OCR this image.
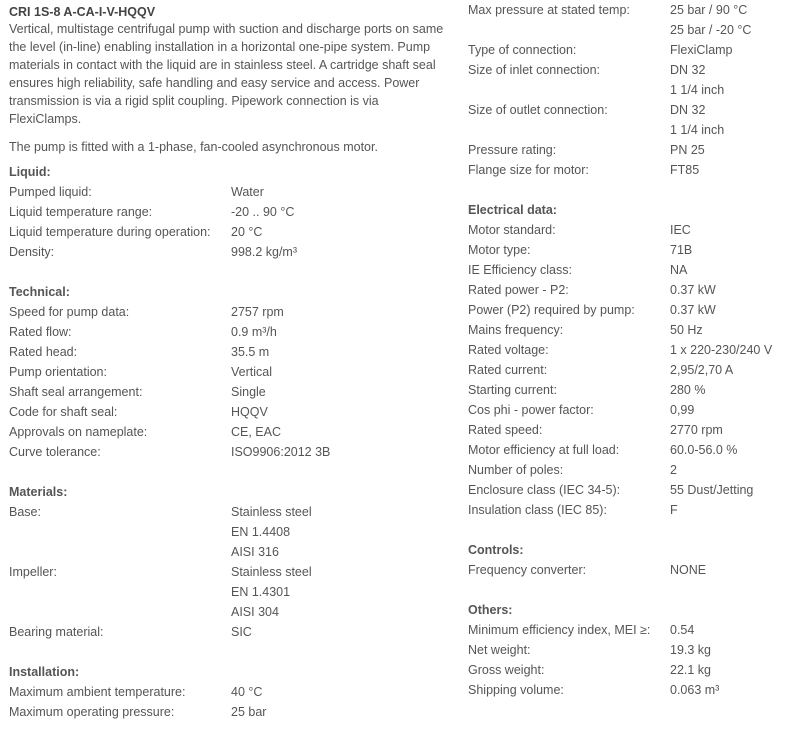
CRI 1S-8 A-CA-I-V-HQQV

Vertical, multistage centrifugal pump with suction and discharge ports on same the level (in-line) enabling installation in a horizontal one-pipe system. Pump materials in contact with the liquid are in stainless steel. A cartridge shaft seal ensures high reliability, safe handling and easy service and access. Power transmission is via a rigid split coupling. Pipework connection is via FlexiClamps.

The pump is fitted with a 1-phase, fan-cooled asynchronous motor.
Liquid:
Pumped liquid:	Water
Liquid temperature range:	-20 .. 90 °C
Liquid temperature during operation:	20 °C
Density:	998.2 kg/m³
Technical:
Speed for pump data:	2757 rpm
Rated flow:	0.9 m³/h
Rated head:	35.5 m
Pump orientation:	Vertical
Shaft seal arrangement:	Single
Code for shaft seal:	HQQV
Approvals on nameplate:	CE, EAC
Curve tolerance:	ISO9906:2012 3B
Materials:
Base:	Stainless steel
EN 1.4408
AISI 316
Impeller:	Stainless steel
EN 1.4301
AISI 304
Bearing material:	SIC
Installation:
Maximum ambient temperature:	40 °C
Maximum operating pressure:	25 bar
Max pressure at stated temp:	25 bar / 90 °C
25 bar / -20 °C
Type of connection:	FlexiClamp
Size of inlet connection:	DN 32
1 1/4 inch
Size of outlet connection:	DN 32
1 1/4 inch
Pressure rating:	PN 25
Flange size for motor:	FT85
Electrical data:
Motor standard:	IEC
Motor type:	71B
IE Efficiency class:	NA
Rated power - P2:	0.37 kW
Power (P2) required by pump:	0.37 kW
Mains frequency:	50 Hz
Rated voltage:	1 x 220-230/240 V
Rated current:	2,95/2,70 A
Starting current:	280 %
Cos phi - power factor:	0,99
Rated speed:	2770 rpm
Motor efficiency at full load:	60.0-56.0 %
Number of poles:	2
Enclosure class (IEC 34-5):	55 Dust/Jetting
Insulation class (IEC 85):	F
Controls:
Frequency converter:	NONE
Others:
Minimum efficiency index, MEI ≥:	0.54
Net weight:	19.3 kg
Gross weight:	22.1 kg
Shipping volume:	0.063 m³
